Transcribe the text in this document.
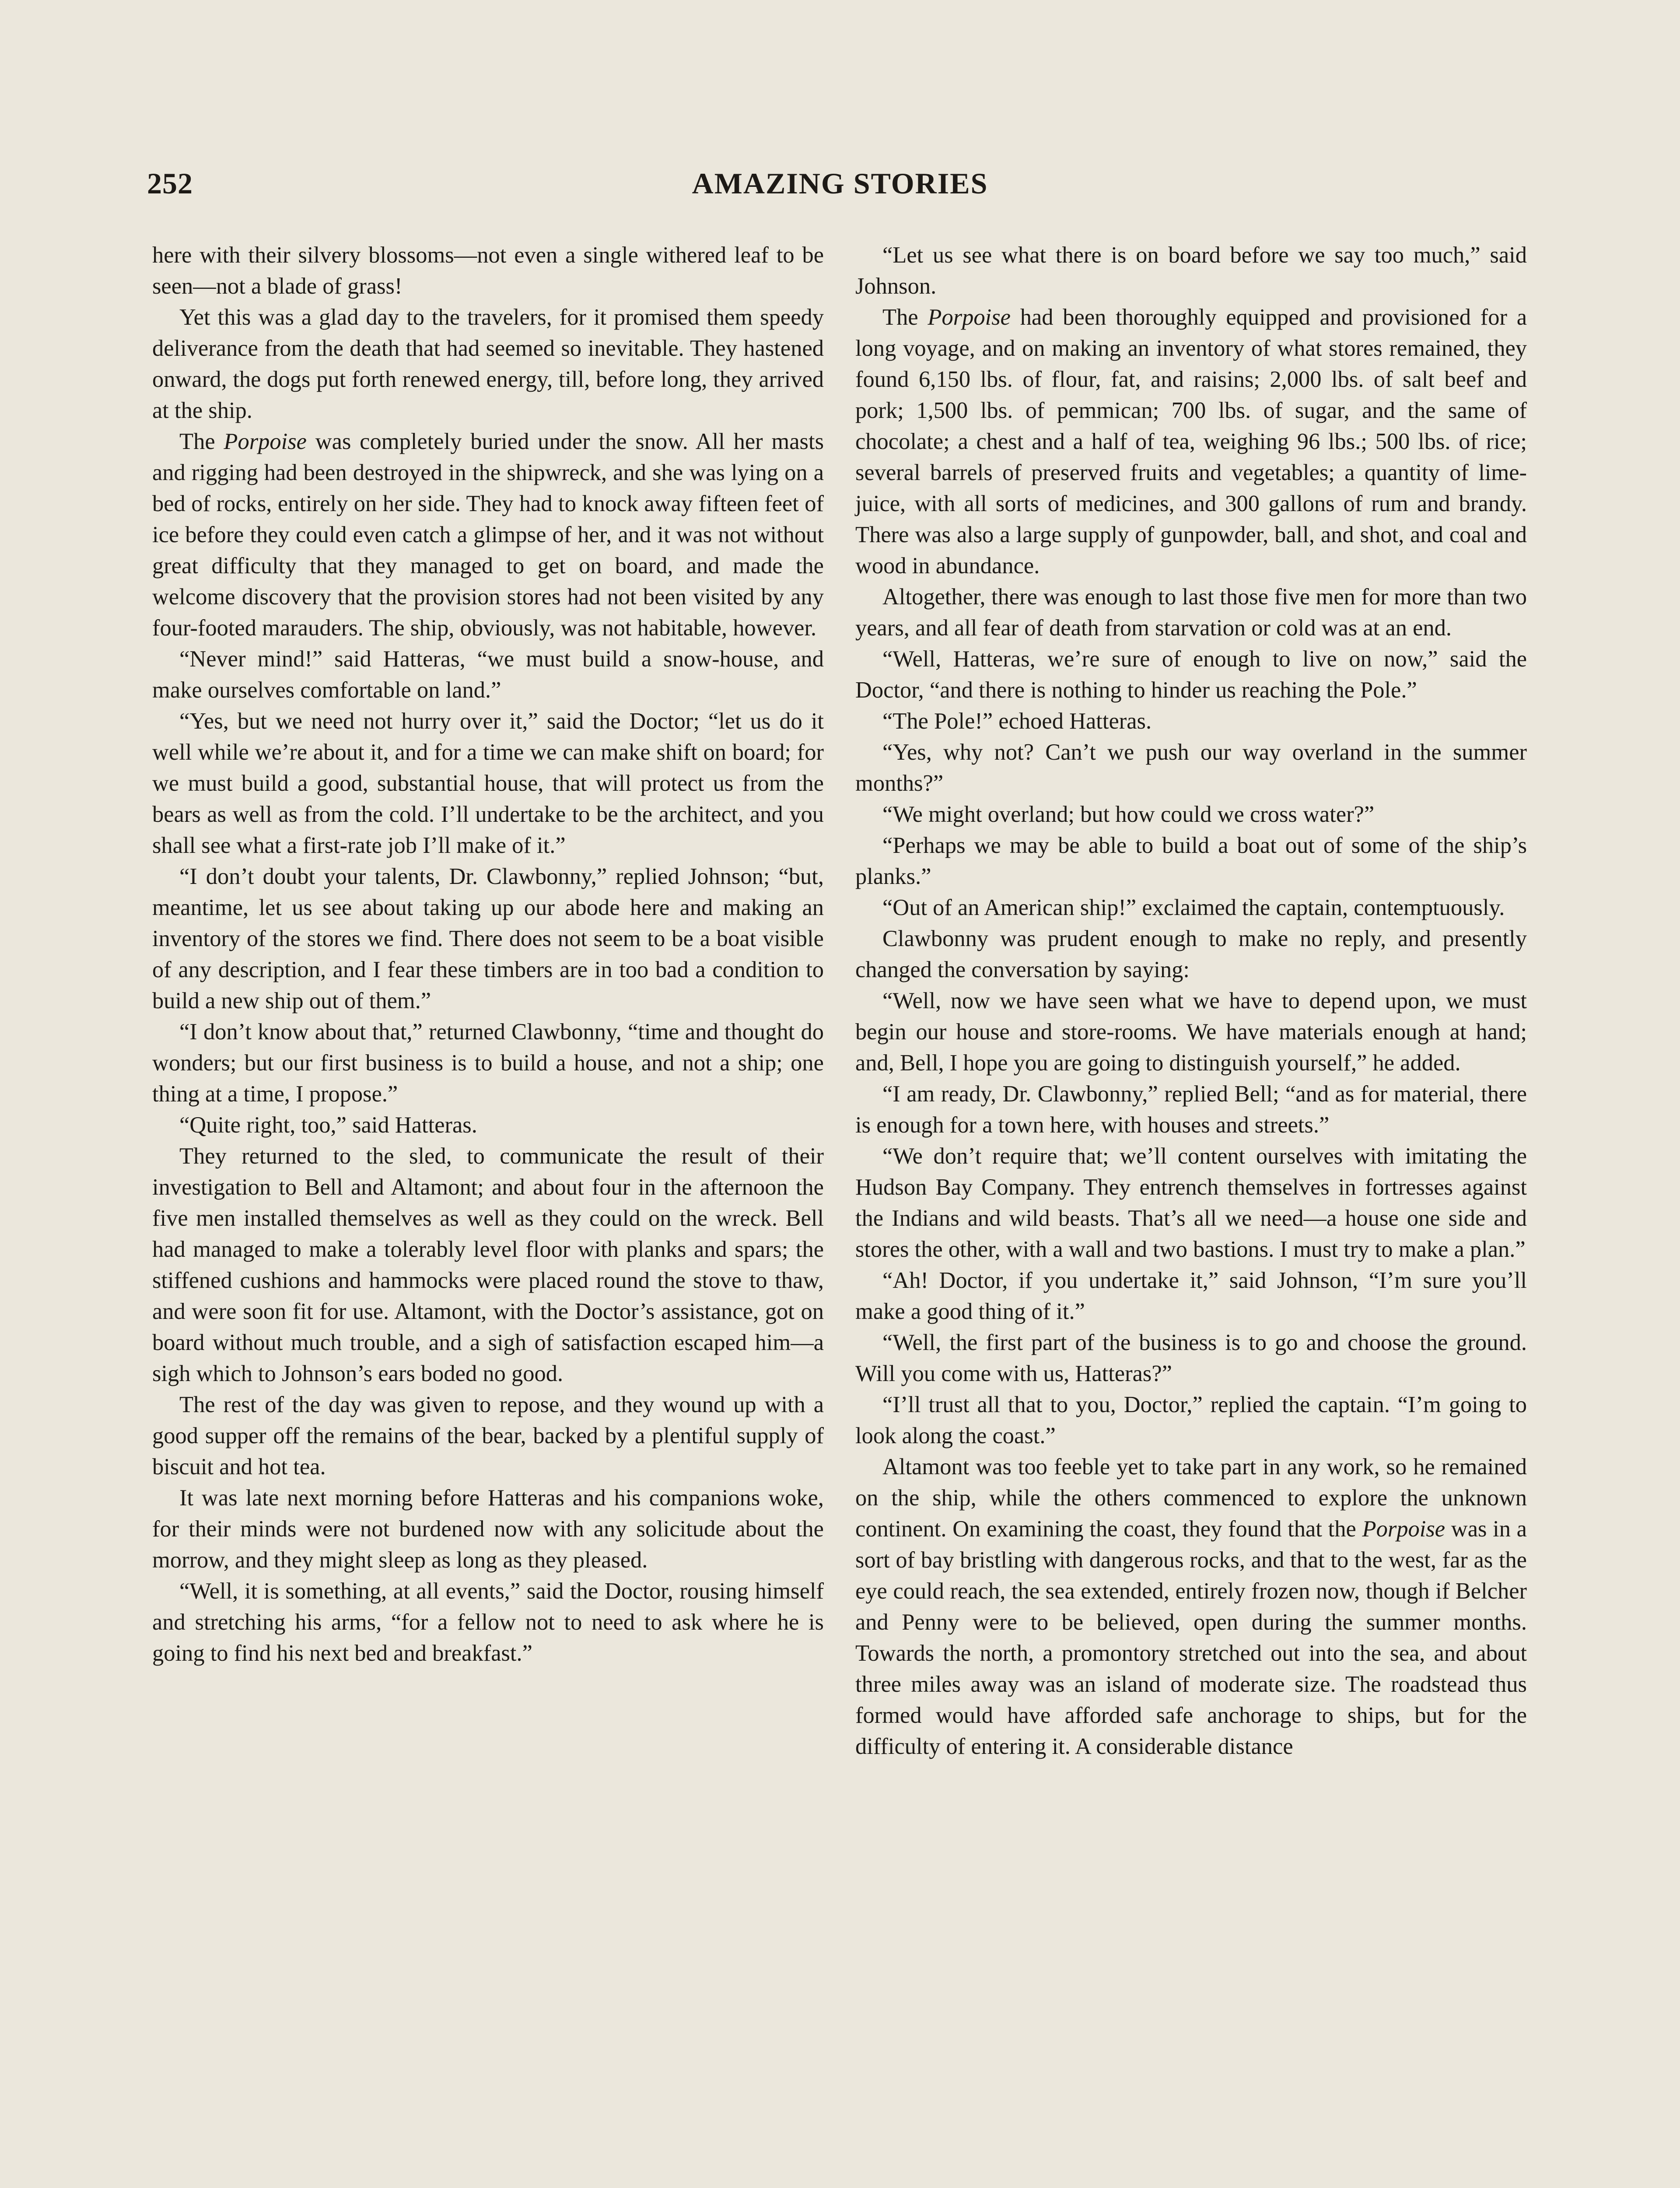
252	AMAZING STORIES

here with their silvery blossoms—not even a single withered leaf to be seen—not a blade of grass!

Yet this was a glad day to the travelers, for it promised them speedy deliverance from the death that had seemed so inevitable. They hastened onward, the dogs put forth renewed energy, till, before long, they arrived at the ship.

The Porpoise was completely buried under the snow. All her masts and rigging had been destroyed in the shipwreck, and she was lying on a bed of rocks, entirely on her side. They had to knock away fifteen feet of ice before they could even catch a glimpse of her, and it was not without great difficulty that they managed to get on board, and made the welcome discovery that the provision stores had not been visited by any four-footed marauders. The ship, obviously, was not habitable, however.

“Never mind!” said Hatteras, “we must build a snow-house, and make ourselves comfortable on land.”

“Yes, but we need not hurry over it,” said the Doctor; “let us do it well while we’re about it, and for a time we can make shift on board; for we must build a good, substantial house, that will protect us from the bears as well as from the cold. I’ll undertake to be the architect, and you shall see what a first-rate job I’ll make of it.”

“I don’t doubt your talents, Dr. Clawbonny,” replied Johnson; “but, meantime, let us see about taking up our abode here and making an inventory of the stores we find. There does not seem to be a boat visible of any description, and I fear these timbers are in too bad a condition to build a new ship out of them.”

“I don’t know about that,” returned Clawbonny, “time and thought do wonders; but our first business is to build a house, and not a ship; one thing at a time, I propose.”

“Quite right, too,” said Hatteras.

They returned to the sled, to communicate the result of their investigation to Bell and Altamont; and about four in the afternoon the five men installed themselves as well as they could on the wreck. Bell had managed to make a tolerably level floor with planks and spars; the stiffened cushions and hammocks were placed round the stove to thaw, and were soon fit for use. Altamont, with the Doctor’s assistance, got on board without much trouble, and a sigh of satisfaction escaped him—a sigh which to Johnson’s ears boded no good.

The rest of the day was given to repose, and they wound up with a good supper off the remains of the bear, backed by a plentiful supply of biscuit and hot tea.

It was late next morning before Hatteras and his companions woke, for their minds were not burdened now with any solicitude about the morrow, and they might sleep as long as they pleased.

“Well, it is something, at all events,” said the Doctor, rousing himself and stretching his arms, “for a fellow not to need to ask where he is going to find his next bed and breakfast.”

“Let us see what there is on board before we say too much,” said Johnson.

The Porpoise had been thoroughly equipped and provisioned for a long voyage, and on making an inventory of what stores remained, they found 6,150 lbs. of flour, fat, and raisins; 2,000 lbs. of salt beef and pork; 1,500 lbs. of pemmican; 700 lbs. of sugar, and the same of chocolate; a chest and a half of tea, weighing 96 lbs.; 500 lbs. of rice; several barrels of preserved fruits and vegetables; a quantity of lime-juice, with all sorts of medicines, and 300 gallons of rum and brandy. There was also a large supply of gunpowder, ball, and shot, and coal and wood in abundance.

Altogether, there was enough to last those five men for more than two years, and all fear of death from starvation or cold was at an end.

“Well, Hatteras, we’re sure of enough to live on now,” said the Doctor, “and there is nothing to hinder us reaching the Pole.”

“The Pole!” echoed Hatteras.

“Yes, why not? Can’t we push our way overland in the summer months?”

“We might overland; but how could we cross water?”

“Perhaps we may be able to build a boat out of some of the ship’s planks.”

“Out of an American ship!” exclaimed the captain, contemptuously.

Clawbonny was prudent enough to make no reply, and presently changed the conversation by saying:

“Well, now we have seen what we have to depend upon, we must begin our house and store-rooms. We have materials enough at hand; and, Bell, I hope you are going to distinguish yourself,” he added.

“I am ready, Dr. Clawbonny,” replied Bell; “and as for material, there is enough for a town here, with houses and streets.”

“We don’t require that; we’ll content ourselves with imitating the Hudson Bay Company. They entrench themselves in fortresses against the Indians and wild beasts. That’s all we need—a house one side and stores the other, with a wall and two bastions. I must try to make a plan.”

“Ah! Doctor, if you undertake it,” said Johnson, “I’m sure you’ll make a good thing of it.”

“Well, the first part of the business is to go and choose the ground. Will you come with us, Hatteras?”

“I’ll trust all that to you, Doctor,” replied the captain. “I’m going to look along the coast.”

Altamont was too feeble yet to take part in any work, so he remained on the ship, while the others commenced to explore the unknown continent. On examining the coast, they found that the Porpoise was in a sort of bay bristling with dangerous rocks, and that to the west, far as the eye could reach, the sea extended, entirely frozen now, though if Belcher and Penny were to be believed, open during the summer months. Towards the north, a promontory stretched out into the sea, and about three miles away was an island of moderate size. The roadstead thus formed would have afforded safe anchorage to ships, but for the difficulty of entering it. A considerable distance
